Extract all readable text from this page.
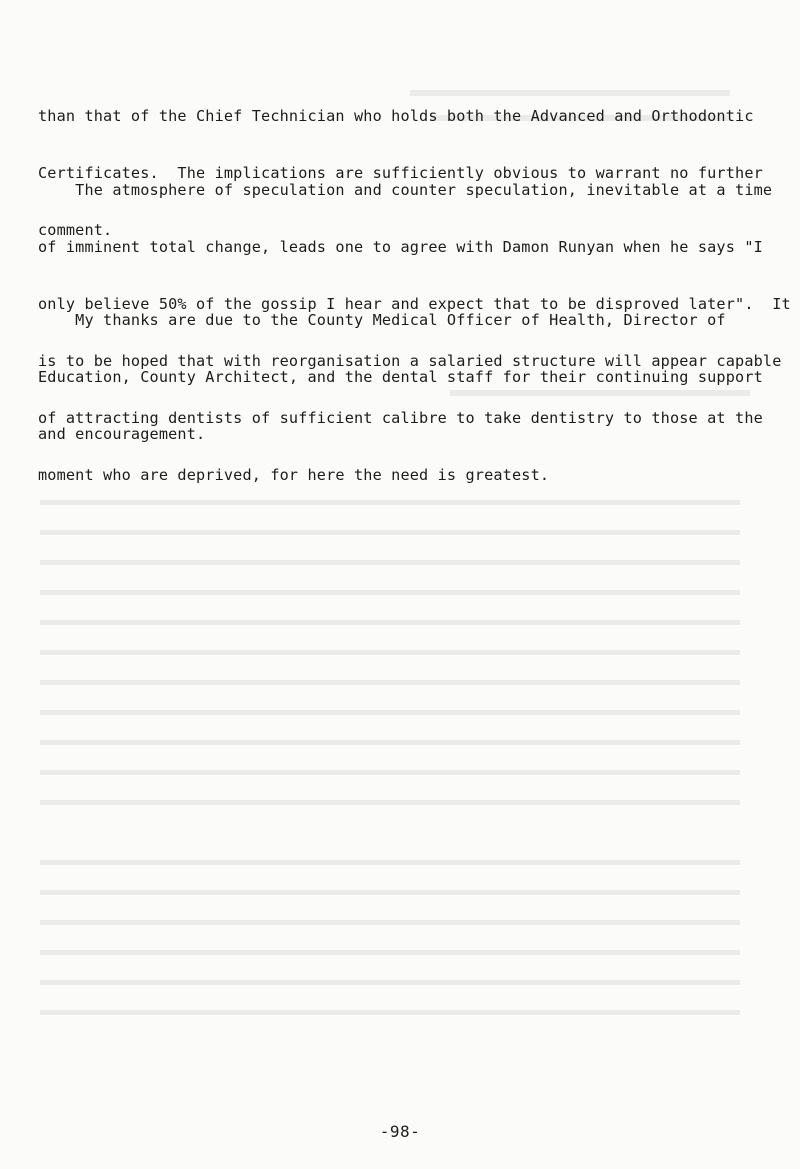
than that of the Chief Technician who holds both the Advanced and Orthodontic

Certificates.  The implications are sufficiently obvious to warrant no further

comment.

The atmosphere of speculation and counter speculation, inevitable at a time

of imminent total change, leads one to agree with Damon Runyan when he says "I

only believe 50% of the gossip I hear and expect that to be disproved later".  It

is to be hoped that with reorganisation a salaried structure will appear capable

of attracting dentists of sufficient calibre to take dentistry to those at the

moment who are deprived, for here the need is greatest.

My thanks are due to the County Medical Officer of Health, Director of

Education, County Architect, and the dental staff for their continuing support

and encouragement.

-98-
